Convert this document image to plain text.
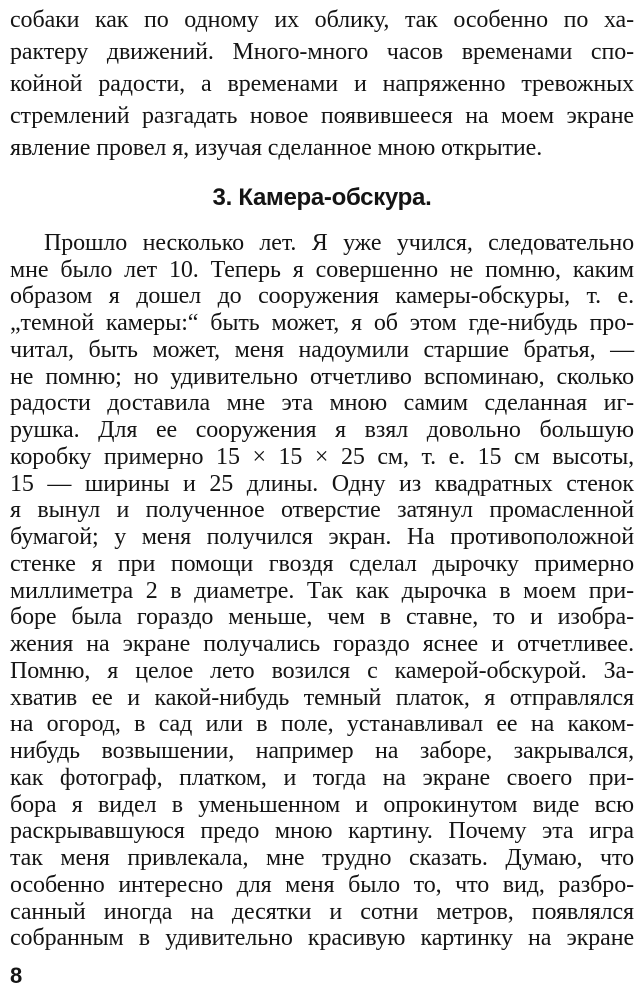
собаки как по одному их облику, так особенно по ха-
рактеру движений. Много-много часов временами спо-
койной радости, а временами и напряженно тревожных
стремлений разгадать новое появившееся на моем экране
явление провел я, изучая сделанное мною открытие.
3. Камера-обскура.
Прошло несколько лет. Я уже учился, следовательно
мне было лет 10. Теперь я совершенно не помню, каким
образом я дошел до сооружения камеры-обскуры, т. е.
„темной камеры:“ быть может, я об этом где-нибудь про-
читал, быть может, меня надоумили старшие братья, —
не помню; но удивительно отчетливо вспоминаю, сколько
радости доставила мне эта мною самим сделанная иг-
рушка. Для ее сооружения я взял довольно большую
коробку примерно 15 × 15 × 25 см, т. е. 15 см высоты,
15 — ширины и 25 длины. Одну из квадратных стенок
я вынул и полученное отверстие затянул промасленной
бумагой; у меня получился экран. На противоположной
стенке я при помощи гвоздя сделал дырочку примерно
миллиметра 2 в диаметре. Так как дырочка в моем при-
боре была гораздо меньше, чем в ставне, то и изобра-
жения на экране получались гораздо яснее и отчетливее.
Помню, я целое лето возился с камерой-обскурой. За-
хватив ее и какой-нибудь темный платок, я отправлялся
на огород, в сад или в поле, устанавливал ее на каком-
нибудь возвышении, например на заборе, закрывался,
как фотограф, платком, и тогда на экране своего при-
бора я видел в уменьшенном и опрокинутом виде всю
раскрывавшуюся предо мною картину. Почему эта игра
так меня привлекала, мне трудно сказать. Думаю, что
особенно интересно для меня было то, что вид, разбро-
санный иногда на десятки и сотни метров, появлялся
собранным в удивительно красивую картинку на экране
8
